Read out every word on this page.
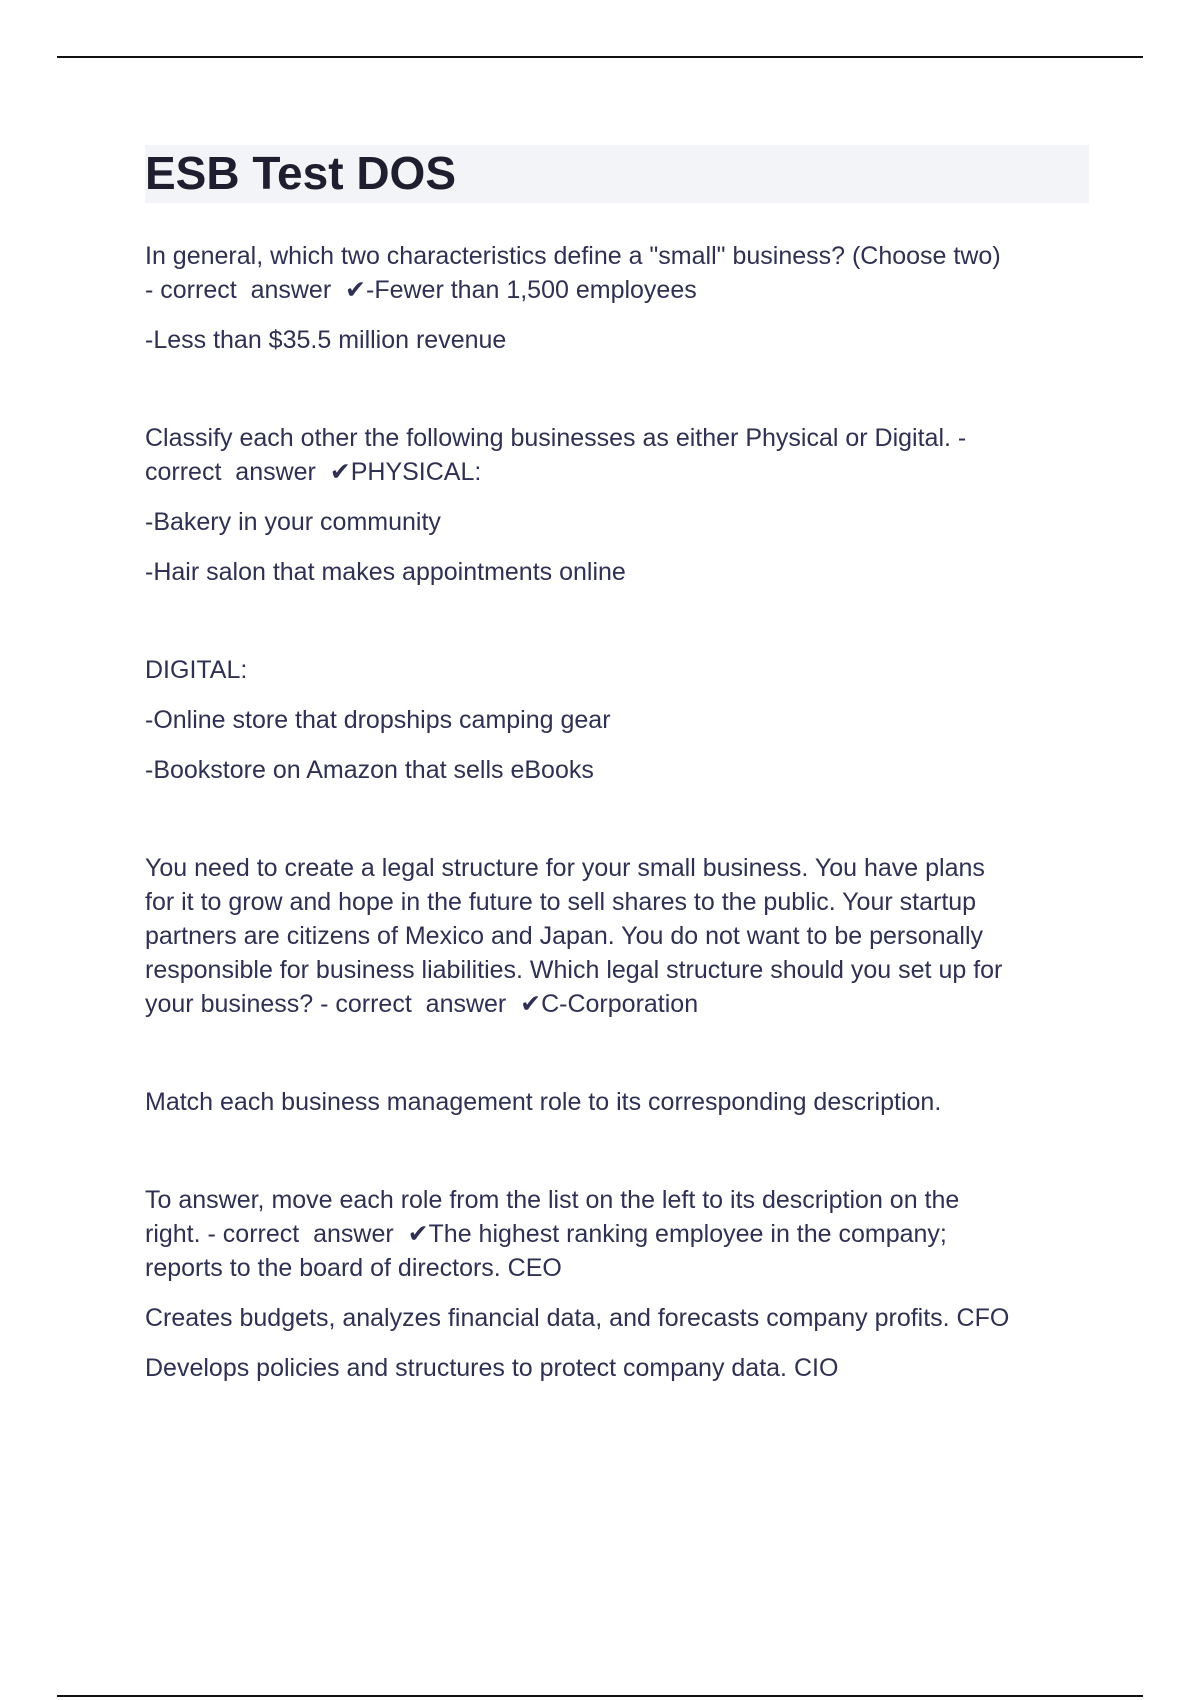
ESB Test DOS

In general, which two characteristics define a "small" business? (Choose two)
- correct  answer  ✔-Fewer than 1,500 employees

-Less than $35.5 million revenue

Classify each other the following businesses as either Physical or Digital. -
correct  answer  ✔PHYSICAL:

-Bakery in your community

-Hair salon that makes appointments online

DIGITAL:

-Online store that dropships camping gear

-Bookstore on Amazon that sells eBooks

You need to create a legal structure for your small business. You have plans
for it to grow and hope in the future to sell shares to the public. Your startup
partners are citizens of Mexico and Japan. You do not want to be personally
responsible for business liabilities. Which legal structure should you set up for
your business? - correct  answer  ✔C-Corporation

Match each business management role to its corresponding description.

To answer, move each role from the list on the left to its description on the
right. - correct  answer  ✔The highest ranking employee in the company;
reports to the board of directors. CEO

Creates budgets, analyzes financial data, and forecasts company profits. CFO

Develops policies and structures to protect company data. CIO
